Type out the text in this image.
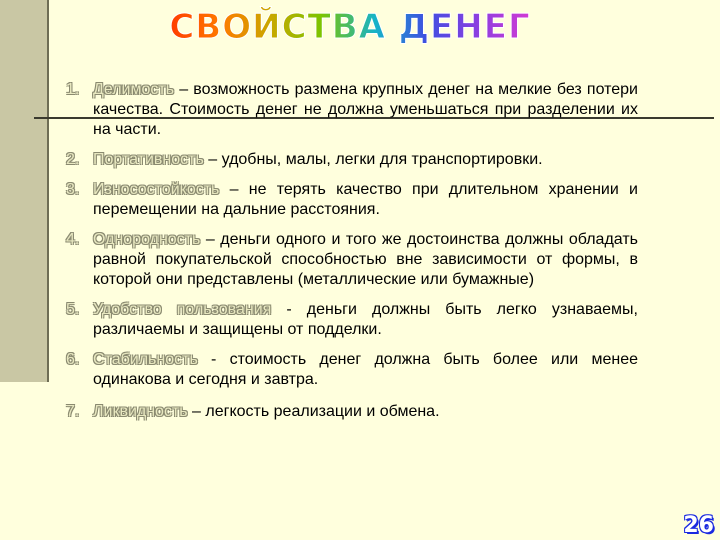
СВОЙСТВА ДЕНЕГ
1. Делимость – возможность размена крупных денег на мелкие без потери качества. Стоимость денег не должна уменьшаться при разделении их на части.
2. Портативность – удобны, малы, легки для транспортировки.
3. Износостойкость – не терять качество при длительном хранении и перемещении на дальние расстояния.
4. Однородность – деньги одного и того же достоинства должны обладать равной покупательской способностью вне зависимости от формы, в которой они представлены (металлические или бумажные)
5. Удобство пользования - деньги должны быть легко узнаваемы, различаемы и защищены от подделки.
6. Стабильность - стоимость денег должна быть более или менее одинакова и сегодня и завтра.
7. Ликвидность – легкость реализации и обмена.
26
